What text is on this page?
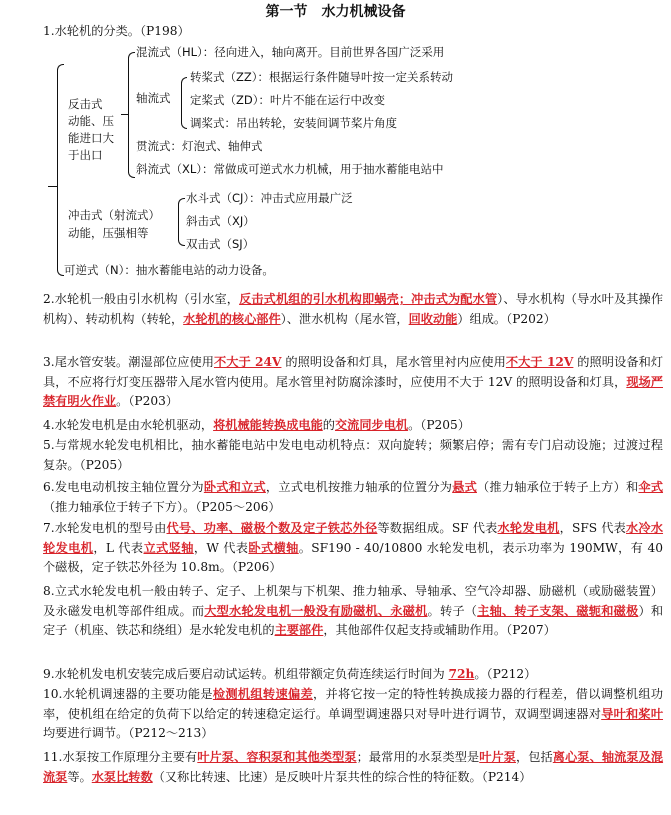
第一节　水力机械设备
1.水轮机的分类。（P198）
反击式
动能、压
能进口大
于出口
混流式（HL）：径向进入，轴向离开。目前世界各国广泛采用
轴流式
转桨式（ZZ）：根据运行条件随导叶按一定关系转动
定桨式（ZD）：叶片不能在运行中改变
调桨式：吊出转轮，安装间调节桨片角度
贯流式：灯泡式、轴伸式
斜流式（XL）：常做成可逆式水力机械，用于抽水蓄能电站中
冲击式（射流式）
动能，压强相等
水斗式（CJ）：冲击式应用最广泛
斜击式（XJ）
双击式（SJ）
可逆式（N）：抽水蓄能电站的动力设备。
2.水轮机一般由引水机构（引水室，反击式机组的引水机构即蜗壳；冲击式为配水管）、导水机构（导水叶及其操作机构）、转动机构（转轮，水轮机的核心部件）、泄水机构（尾水管，回收动能）组成。（P202）
3.尾水管安装。潮湿部位应使用不大于 24V 的照明设备和灯具，尾水管里衬内应使用不大于 12V 的照明设备和灯具，不应将行灯变压器带入尾水管内使用。尾水管里衬防腐涂漆时，应使用不大于 12V 的照明设备和灯具，现场严禁有明火作业。（P203）
4.水轮发电机是由水轮机驱动，将机械能转换成电能的交流同步电机。（P205）
5.与常规水轮发电机相比，抽水蓄能电站中发电电动机特点：双向旋转；频繁启停；需有专门启动设施；过渡过程复杂。（P205）
6.发电电动机按主轴位置分为卧式和立式，立式电机按推力轴承的位置分为悬式（推力轴承位于转子上方）和伞式（推力轴承位于转子下方）。（P205～206）
7.水轮发电机的型号由代号、功率、磁极个数及定子铁芯外径等数据组成。SF 代表水轮发电机，SFS 代表水冷水轮发电机，L 代表立式竖轴，W 代表卧式横轴。SF190 - 40/10800 水轮发电机，表示功率为 190MW，有 40 个磁极，定子铁芯外径为 10.8m。（P206）
8.立式水轮发电机一般由转子、定子、上机架与下机架、推力轴承、导轴承、空气冷却器、励磁机（或励磁装置）及永磁发电机等部件组成。而大型水轮发电机一般没有励磁机、永磁机。转子（主轴、转子支架、磁轭和磁极）和定子（机座、铁芯和绕组）是水轮发电机的主要部件，其他部件仅起支持或辅助作用。（P207）
9.水轮机发电机安装完成后要启动试运转。机组带额定负荷连续运行时间为 72h。（P212）
10.水轮机调速器的主要功能是检测机组转速偏差，并将它按一定的特性转换成接力器的行程差，借以调整机组功率，使机组在给定的负荷下以给定的转速稳定运行。单调型调速器只对导叶进行调节，双调型调速器对导叶和桨叶均要进行调节。（P212～213）
11.水泵按工作原理分主要有叶片泵、容积泵和其他类型泵；最常用的水泵类型是叶片泵，包括离心泵、轴流泵及混流泵等。水泵比转数（又称比转速、比速）是反映叶片泵共性的综合性的特征数。（P214）
